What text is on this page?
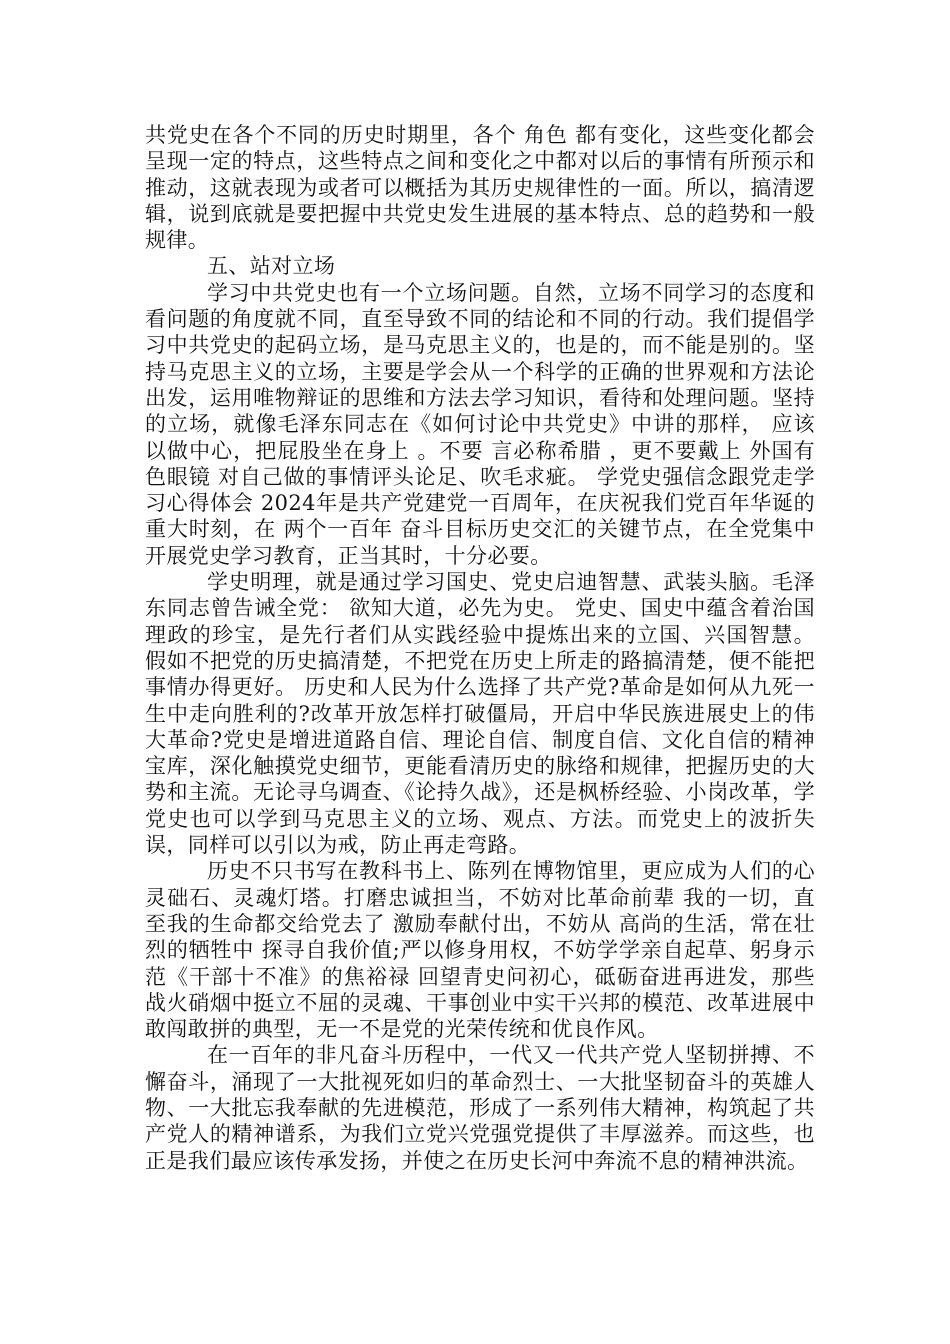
共党史在各个不同的历史时期里，各个 角色 都有变化，这些变化都会呈现一定的特点，这些特点之间和变化之中都对以后的事情有所预示和推动，这就表现为或者可以概括为其历史规律性的一面。所以，搞清逻辑，说到底就是要把握中共党史发生进展的基本特点、总的趋势和一般规律。

五、站对立场

学习中共党史也有一个立场问题。自然，立场不同学习的态度和看问题的角度就不同，直至导致不同的结论和不同的行动。我们提倡学习中共党史的起码立场，是马克思主义的，也是的，而不能是别的。坚持马克思主义的立场，主要是学会从一个科学的正确的世界观和方法论出发，运用唯物辩证的思维和方法去学习知识，看待和处理问题。坚持的立场，就像毛泽东同志在《如何讨论中共党史》中讲的那样， 应该以做中心，把屁股坐在身上 。不要 言必称希腊 ，更不要戴上 外国有色眼镜 对自己做的事情评头论足、吹毛求疵。 学党史强信念跟党走学习心得体会 2024年是共产党建党一百周年，在庆祝我们党百年华诞的重大时刻，在 两个一百年 奋斗目标历史交汇的关键节点，在全党集中开展党史学习教育，正当其时，十分必要。

学史明理，就是通过学习国史、党史启迪智慧、武装头脑。毛泽东同志曾告诫全党： 欲知大道，必先为史。 党史、国史中蕴含着治国理政的珍宝，是先行者们从实践经验中提炼出来的立国、兴国智慧。 假如不把党的历史搞清楚，不把党在历史上所走的路搞清楚，便不能把事情办得更好。 历史和人民为什么选择了共产党?革命是如何从九死一生中走向胜利的?改革开放怎样打破僵局，开启中华民族进展史上的伟大革命?党史是增进道路自信、理论自信、制度自信、文化自信的精神宝库，深化触摸党史细节，更能看清历史的脉络和规律，把握历史的大势和主流。无论寻乌调查、《论持久战》，还是枫桥经验、小岗改革，学党史也可以学到马克思主义的立场、观点、方法。而党史上的波折失误，同样可以引以为戒，防止再走弯路。

历史不只书写在教科书上、陈列在博物馆里，更应成为人们的心灵础石、灵魂灯塔。打磨忠诚担当，不妨对比革命前辈 我的一切，直至我的生命都交给党去了 激励奉献付出，不妨从 高尚的生活，常在壮烈的牺牲中 探寻自我价值;严以修身用权，不妨学学亲自起草、躬身示范《干部十不准》的焦裕禄 回望青史问初心，砥砺奋进再进发，那些战火硝烟中挺立不屈的灵魂、干事创业中实干兴邦的模范、改革进展中敢闯敢拼的典型，无一不是党的光荣传统和优良作风。

在一百年的非凡奋斗历程中，一代又一代共产党人坚韧拼搏、不懈奋斗，涌现了一大批视死如归的革命烈士、一大批坚韧奋斗的英雄人物、一大批忘我奉献的先进模范，形成了一系列伟大精神，构筑起了共产党人的精神谱系，为我们立党兴党强党提供了丰厚滋养。而这些，也正是我们最应该传承发扬，并使之在历史长河中奔流不息的精神洪流。
